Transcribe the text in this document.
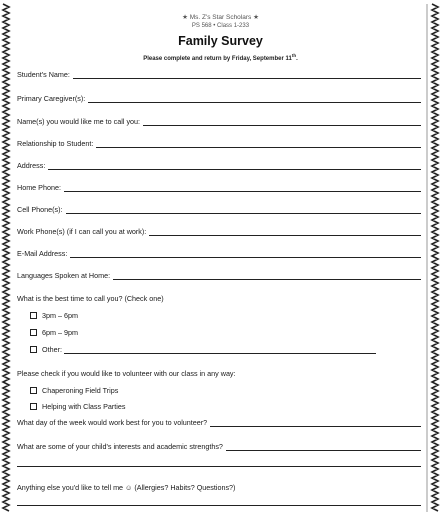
★ Ms. Z's Star Scholars ★
PS 568 • Class 1-233
Family Survey
Please complete and return by Friday, September 11th.
Student's Name:
Primary Caregiver(s):
Name(s) you would like me to call you:
Relationship to Student:
Address:
Home Phone:
Cell Phone(s):
Work Phone(s) (if I can call you at work):
E-Mail Address:
Languages Spoken at Home:
What is the best time to call you? (Check one)
3pm – 6pm
6pm – 9pm
Other:
Please check if you would like to volunteer with our class in any way:
Chaperoning Field Trips
Helping with Class Parties
What day of the week would work best for you to volunteer?
What are some of your child's interests and academic strengths?
Anything else you'd like to tell me ☺ (Allergies? Habits? Questions?)
